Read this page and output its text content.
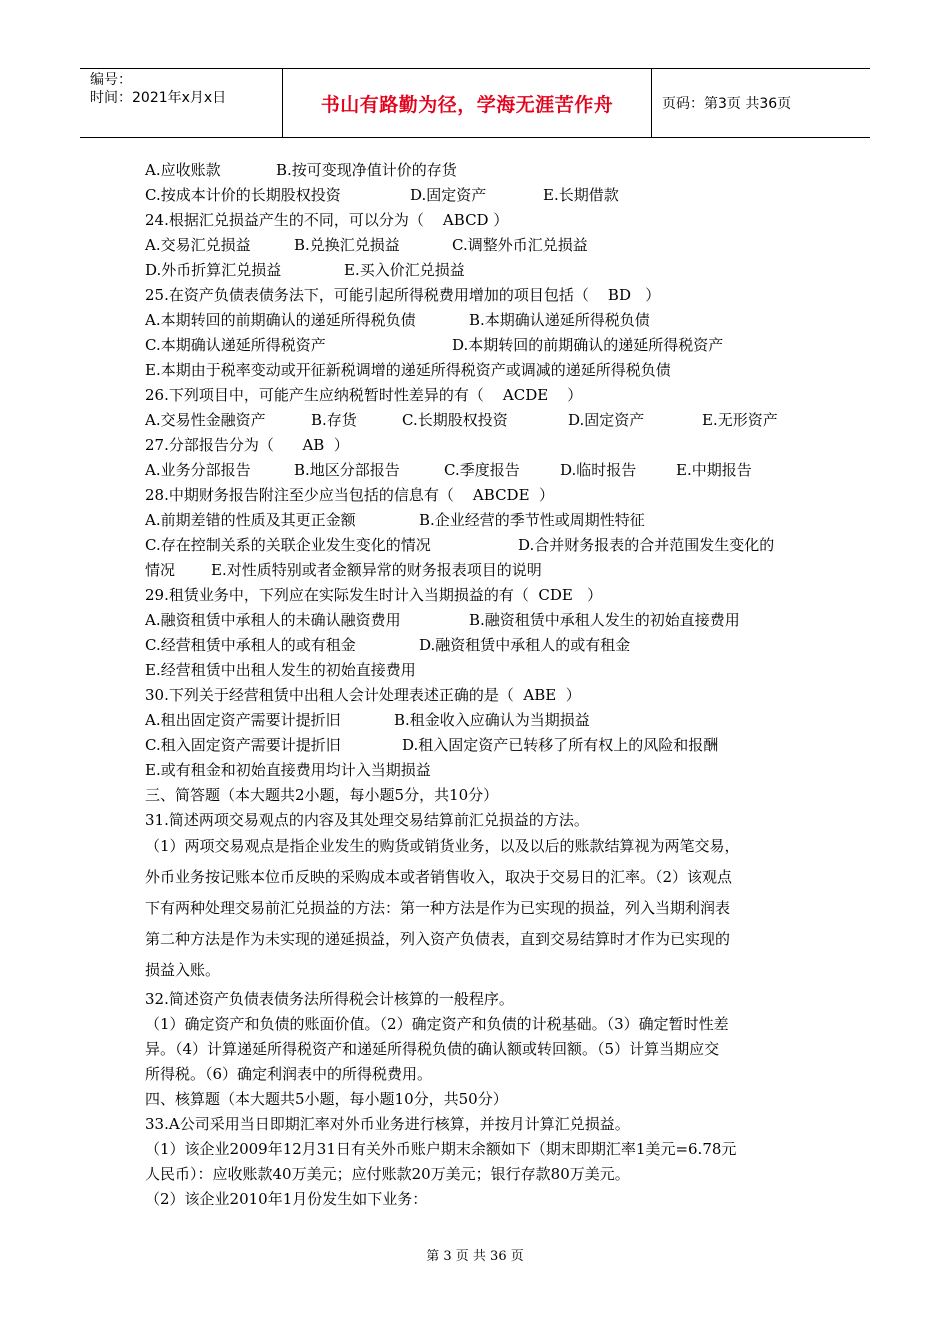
编号：
时间：2021年x月x日	书山有路勤为径，学海无涯苦作舟	页码：第3页 共36页
A.应收账款	B.按可变现净值计价的存货
C.按成本计价的长期股权投资	D.固定资产	E.长期借款
24.根据汇兑损益产生的不同，可以分为（    ABCD ）
A.交易汇兑损益	B.兑换汇兑损益	C.调整外币汇兑损益
D.外币折算汇兑损益	E.买入价汇兑损益
25.在资产负债表债务法下，可能引起所得税费用增加的项目包括（    BD   ）
A.本期转回的前期确认的递延所得税负债	B.本期确认递延所得税负债
C.本期确认递延所得税资产	D.本期转回的前期确认的递延所得税资产
E.本期由于税率变动或开征新税调增的递延所得税资产或调减的递延所得税负债
26.下列项目中，可能产生应纳税暂时性差异的有（    ACDE    ）
A.交易性金融资产	B.存货	C.长期股权投资	D.固定资产	E.无形资产
27.分部报告分为（      AB  ）
A.业务分部报告	B.地区分部报告	C.季度报告	D.临时报告	E.中期报告
28.中期财务报告附注至少应当包括的信息有（    ABCDE  ）
A.前期差错的性质及其更正金额	B.企业经营的季节性或周期性特征
C.存在控制关系的关联企业发生变化的情况	D.合并财务报表的合并范围发生变化的
情况 E.对性质特别或者金额异常的财务报表项目的说明
29.租赁业务中，下列应在实际发生时计入当期损益的有（  CDE   ）
A.融资租赁中承租人的未确认融资费用	B.融资租赁中承租人发生的初始直接费用
C.经营租赁中承租人的或有租金	D.融资租赁中承租人的或有租金
E.经营租赁中出租人发生的初始直接费用
30.下列关于经营租赁中出租人会计处理表述正确的是（  ABE  ）
A.租出固定资产需要计提折旧	B.租金收入应确认为当期损益
C.租入固定资产需要计提折旧	D.租入固定资产已转移了所有权上的风险和报酬
E.或有租金和初始直接费用均计入当期损益
三、简答题（本大题共2小题，每小题5分，共10分）
31.简述两项交易观点的内容及其处理交易结算前汇兑损益的方法。
（1）两项交易观点是指企业发生的购货或销货业务，以及以后的账款结算视为两笔交易，
外币业务按记账本位币反映的采购成本或者销售收入，取决于交易日的汇率。（2）该观点
下有两种处理交易前汇兑损益的方法：第一种方法是作为已实现的损益，列入当期利润表
第二种方法是作为未实现的递延损益，列入资产负债表，直到交易结算时才作为已实现的
损益入账。
32.简述资产负债表债务法所得税会计核算的一般程序。
（1）确定资产和负债的账面价值。（2）确定资产和负债的计税基础。（3）确定暂时性差
异。（4）计算递延所得税资产和递延所得税负债的确认额或转回额。（5）计算当期应交
所得税。（6）确定利润表中的所得税费用。
四、核算题（本大题共5小题，每小题10分，共50分）
33.A公司采用当日即期汇率对外币业务进行核算，并按月计算汇兑损益。
（1）该企业2009年12月31日有关外币账户期末余额如下（期末即期汇率1美元=6.78元
人民币）：应收账款40万美元；应付账款20万美元；银行存款80万美元。
（2）该企业2010年1月份发生如下业务：
第 3 页 共 36 页
